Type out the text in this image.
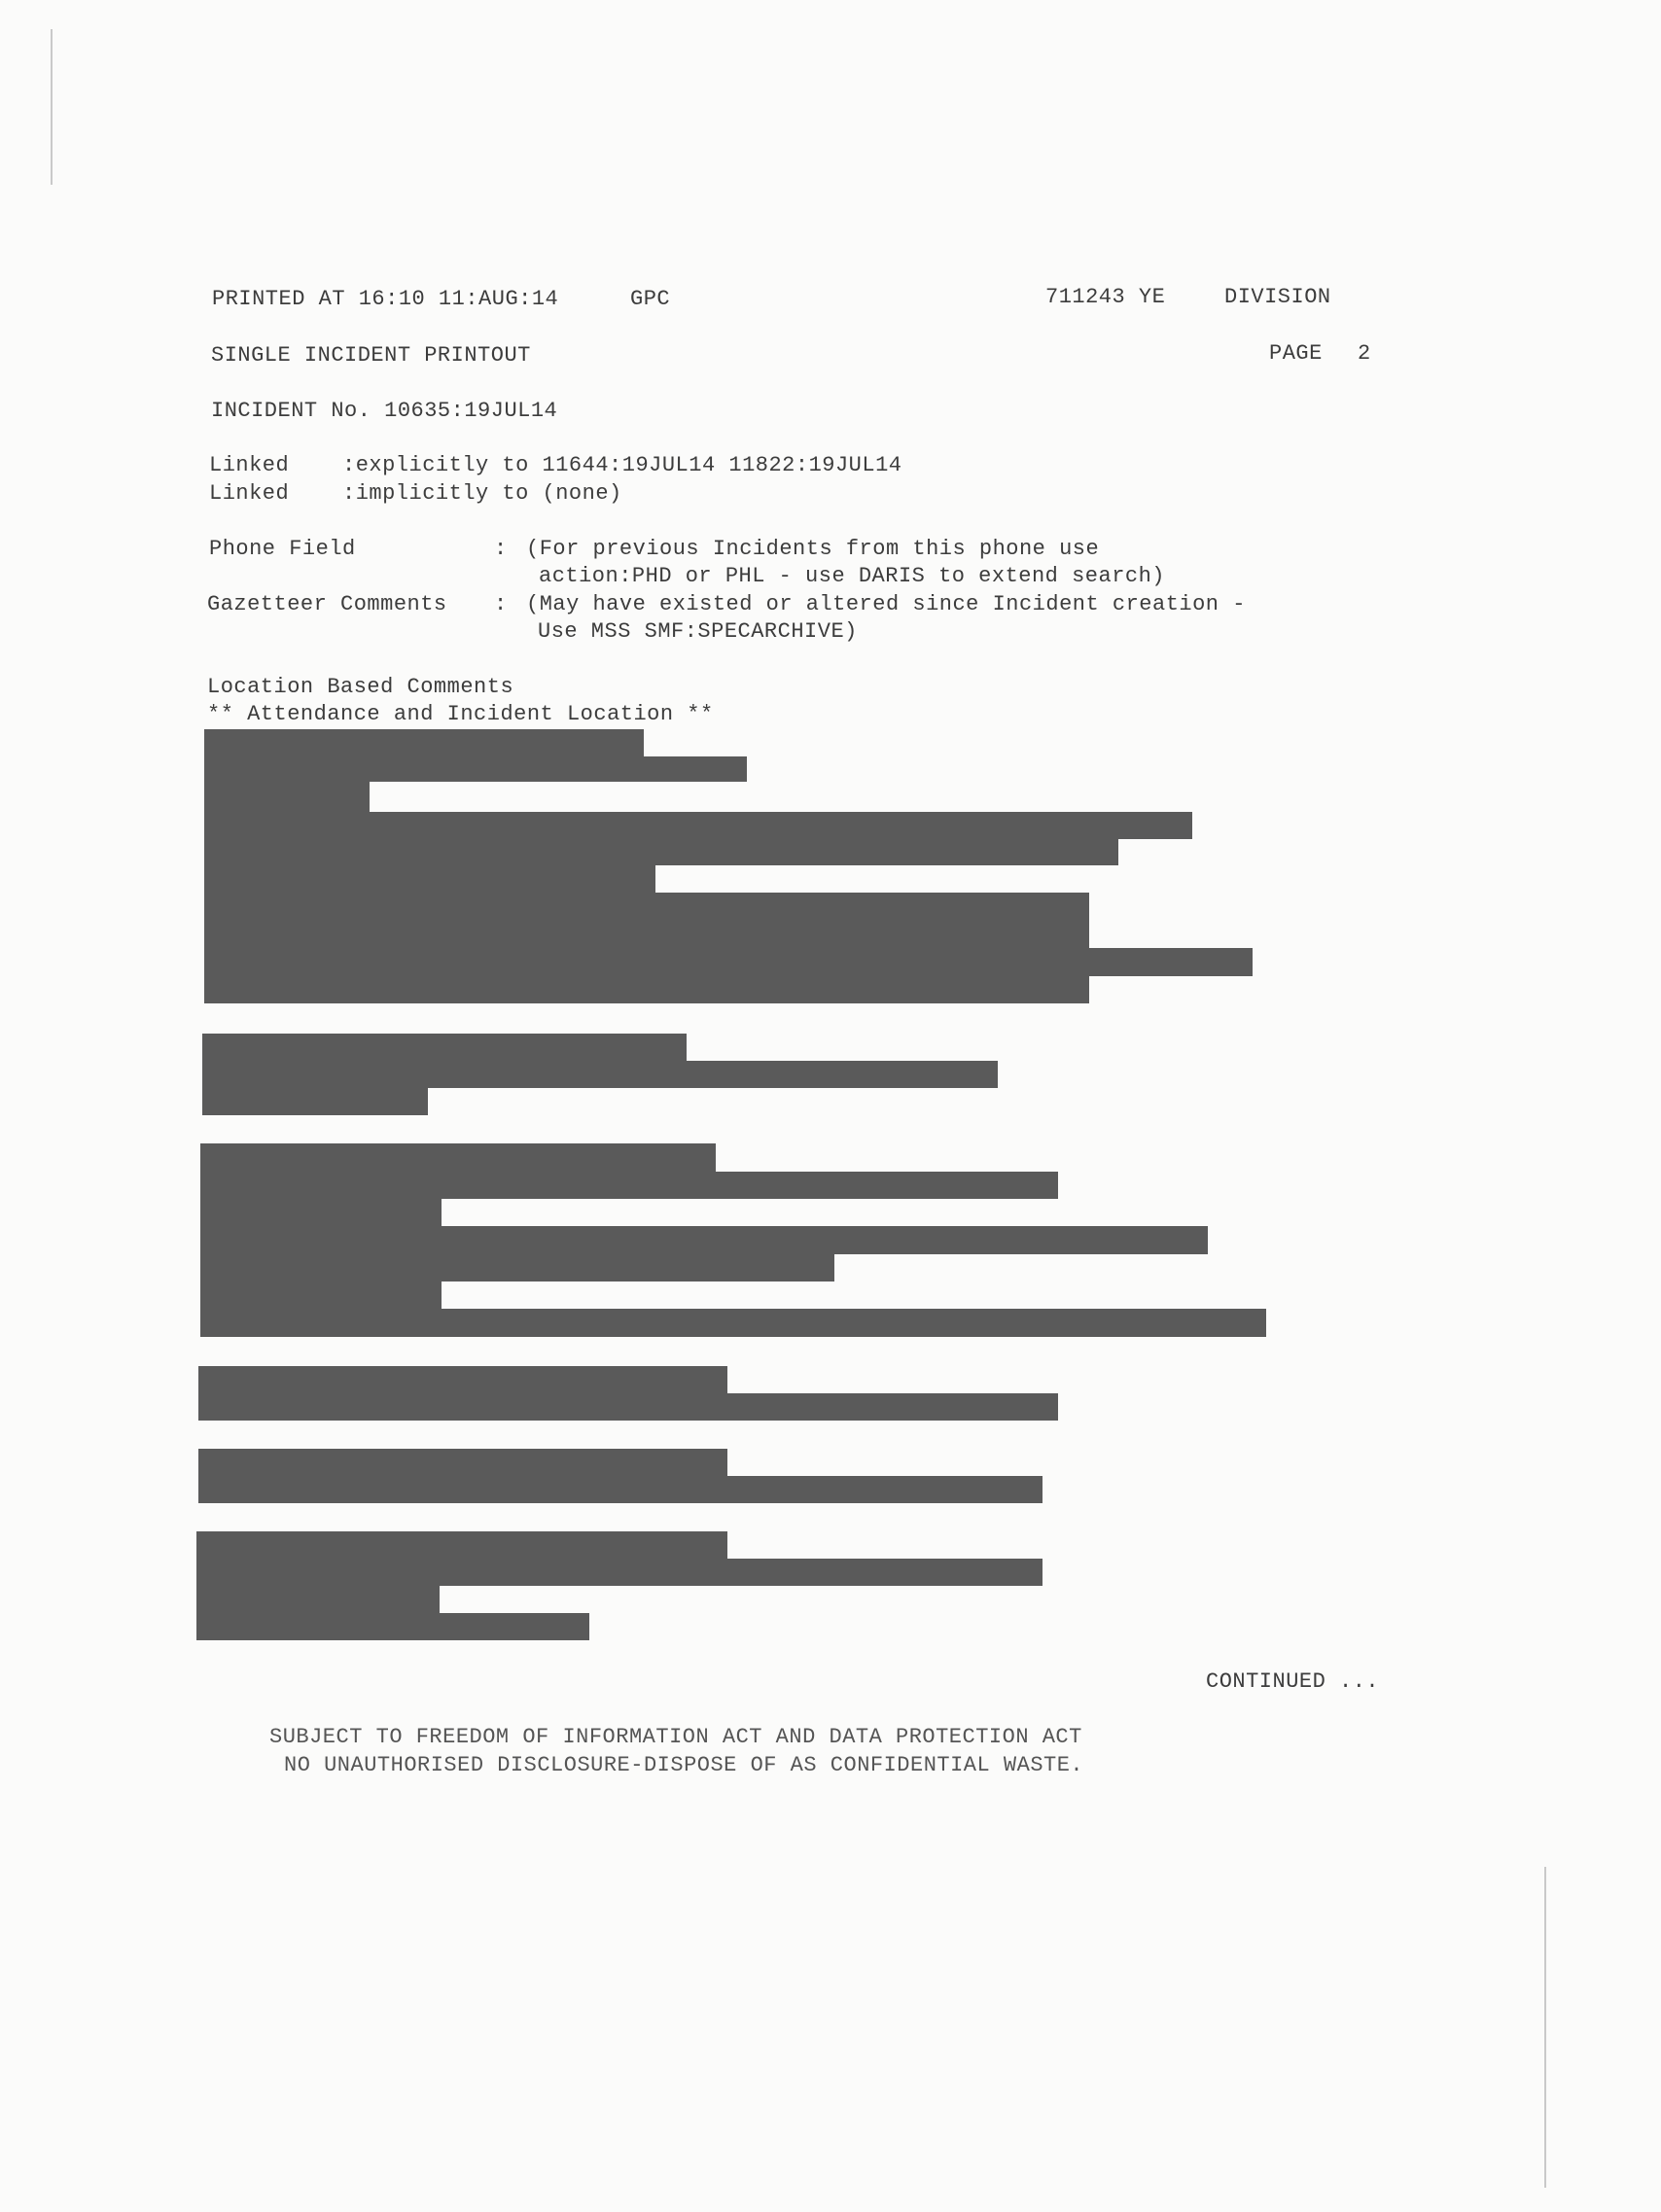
PRINTED AT 16:10 11:AUG:14	GPC	711243 YE	DIVISION
SINGLE INCIDENT PRINTOUT	PAGE 2
INCIDENT No. 10635:19JUL14
Linked :explicitly to 11644:19JUL14 11822:19JUL14
Linked :implicitly to (none)
Phone Field	: (For previous Incidents from this phone use
action:PHD or PHL - use DARIS to extend search)
Gazetteer Comments : (May have existed or altered since Incident creation -
Use MSS SMF:SPECARCHIVE)
Location Based Comments
** Attendance and Incident Location **
CONTINUED ...
SUBJECT TO FREEDOM OF INFORMATION ACT AND DATA PROTECTION ACT
NO UNAUTHORISED DISCLOSURE-DISPOSE OF AS CONFIDENTIAL WASTE.
